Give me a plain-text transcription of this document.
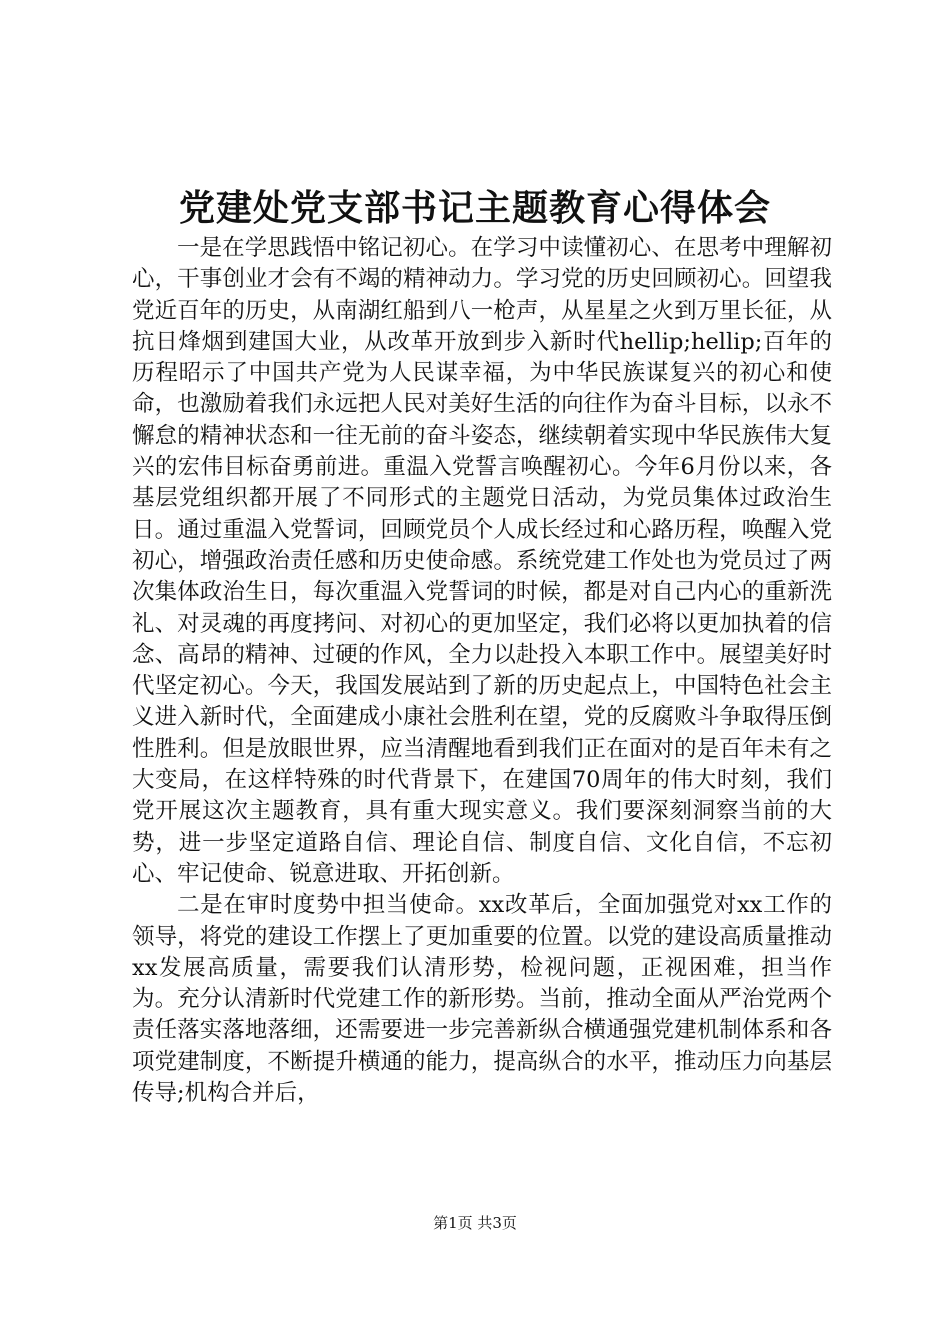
党建处党支部书记主题教育心得体会

一是在学思践悟中铭记初心。在学习中读懂初心、在思考中理解初心，干事创业才会有不竭的精神动力。学习党的历史回顾初心。回望我党近百年的历史，从南湖红船到八一枪声，从星星之火到万里长征，从抗日烽烟到建国大业，从改革开放到步入新时代hellip;hellip;百年的历程昭示了中国共产党为人民谋幸福，为中华民族谋复兴的初心和使命，也激励着我们永远把人民对美好生活的向往作为奋斗目标，以永不懈怠的精神状态和一往无前的奋斗姿态，继续朝着实现中华民族伟大复兴的宏伟目标奋勇前进。重温入党誓言唤醒初心。今年6月份以来，各基层党组织都开展了不同形式的主题党日活动，为党员集体过政治生日。通过重温入党誓词，回顾党员个人成长经过和心路历程，唤醒入党初心，增强政治责任感和历史使命感。系统党建工作处也为党员过了两次集体政治生日，每次重温入党誓词的时候，都是对自己内心的重新洗礼、对灵魂的再度拷问、对初心的更加坚定，我们必将以更加执着的信念、高昂的精神、过硬的作风，全力以赴投入本职工作中。展望美好时代坚定初心。今天，我国发展站到了新的历史起点上，中国特色社会主义进入新时代，全面建成小康社会胜利在望，党的反腐败斗争取得压倒性胜利。但是放眼世界，应当清醒地看到我们正在面对的是百年未有之大变局，在这样特殊的时代背景下，在建国70周年的伟大时刻，我们党开展这次主题教育，具有重大现实意义。我们要深刻洞察当前的大势，进一步坚定道路自信、理论自信、制度自信、文化自信，不忘初心、牢记使命、锐意进取、开拓创新。

二是在审时度势中担当使命。xx改革后，全面加强党对xx工作的领导，将党的建设工作摆上了更加重要的位置。以党的建设高质量推动xx发展高质量，需要我们认清形势，检视问题，正视困难，担当作为。充分认清新时代党建工作的新形势。当前，推动全面从严治党两个责任落实落地落细，还需要进一步完善新纵合横通强党建机制体系和各项党建制度，不断提升横通的能力，提高纵合的水平，推动压力向基层传导;机构合并后，

第1页 共3页
